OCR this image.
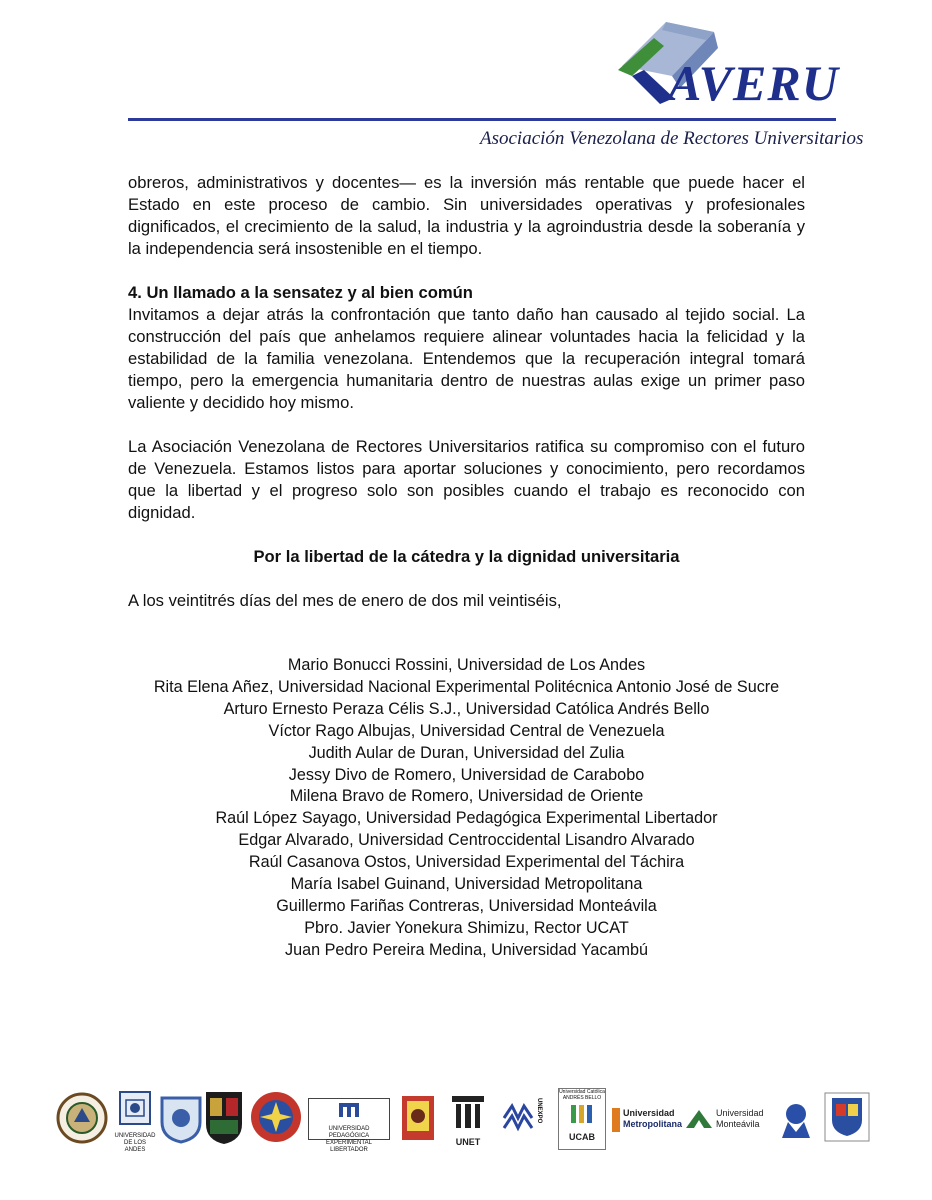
AVERU
Asociación Venezolana de Rectores Universitarios

obreros, administrativos y docentes— es la inversión más rentable que puede hacer el Estado en este proceso de cambio. Sin universidades operativas y profesionales dignificados, el crecimiento de la salud, la industria y la agroindustria desde la soberanía y la independencia será insostenible en el tiempo.

4. Un llamado a la sensatez y al bien común

Invitamos a dejar atrás la confrontación que tanto daño han causado al tejido social. La construcción del país que anhelamos requiere alinear voluntades hacia la felicidad y la estabilidad de la familia venezolana. Entendemos que la recuperación integral tomará tiempo, pero la emergencia humanitaria dentro de nuestras aulas exige un primer paso valiente y decidido hoy mismo.

La Asociación Venezolana de Rectores Universitarios ratifica su compromiso con el futuro de Venezuela. Estamos listos para aportar soluciones y conocimiento, pero recordamos que la libertad y el progreso solo son posibles cuando el trabajo es reconocido con dignidad.

Por la libertad de la cátedra y la dignidad universitaria

A los veintitrés días del mes de enero de dos mil veintiséis,

Mario Bonucci Rossini, Universidad de Los Andes
Rita Elena Añez, Universidad Nacional Experimental Politécnica Antonio José de Sucre
Arturo Ernesto Peraza Célis S.J., Universidad Católica Andrés Bello
Víctor Rago Albujas, Universidad Central de Venezuela
Judith Aular de Duran, Universidad del Zulia
Jessy Divo de Romero, Universidad de Carabobo
Milena Bravo de Romero, Universidad de Oriente
Raúl López Sayago, Universidad Pedagógica Experimental Libertador
Edgar Alvarado, Universidad Centroccidental Lisandro Alvarado
Raúl Casanova Ostos, Universidad Experimental del Táchira
María Isabel Guinand, Universidad Metropolitana
Guillermo Fariñas Contreras, Universidad Monteávila
Pbro. Javier Yonekura Shimizu, Rector UCAT
Juan Pedro Pereira Medina, Universidad Yacambú
UNIVERSIDAD DE LOS ANDES
UNIVERSIDAD PEDAGÓGICA EXPERIMENTAL LIBERTADOR
UNET
UNEXPO
Universidad Católica ANDRÉS BELLO
UCAB
Universidad
Metropolitana
Universidad
Monteávila
